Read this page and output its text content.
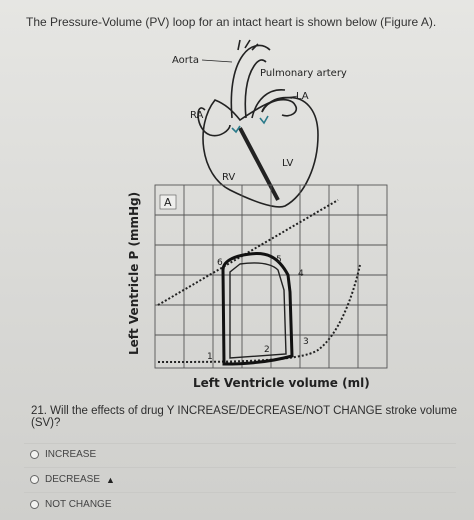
The Pressure-Volume (PV) loop for an intact heart is shown below (Figure A).
Aorta
Pulmonary artery
LA
RA
RV
LV
A
1
2
3
4
5
6
Left Ventricle P (mmHg)
Left Ventricle volume (ml)
21. Will the effects of drug Y INCREASE/DECREASE/NOT CHANGE stroke volume (SV)?
INCREASE
DECREASE ▲
NOT CHANGE
